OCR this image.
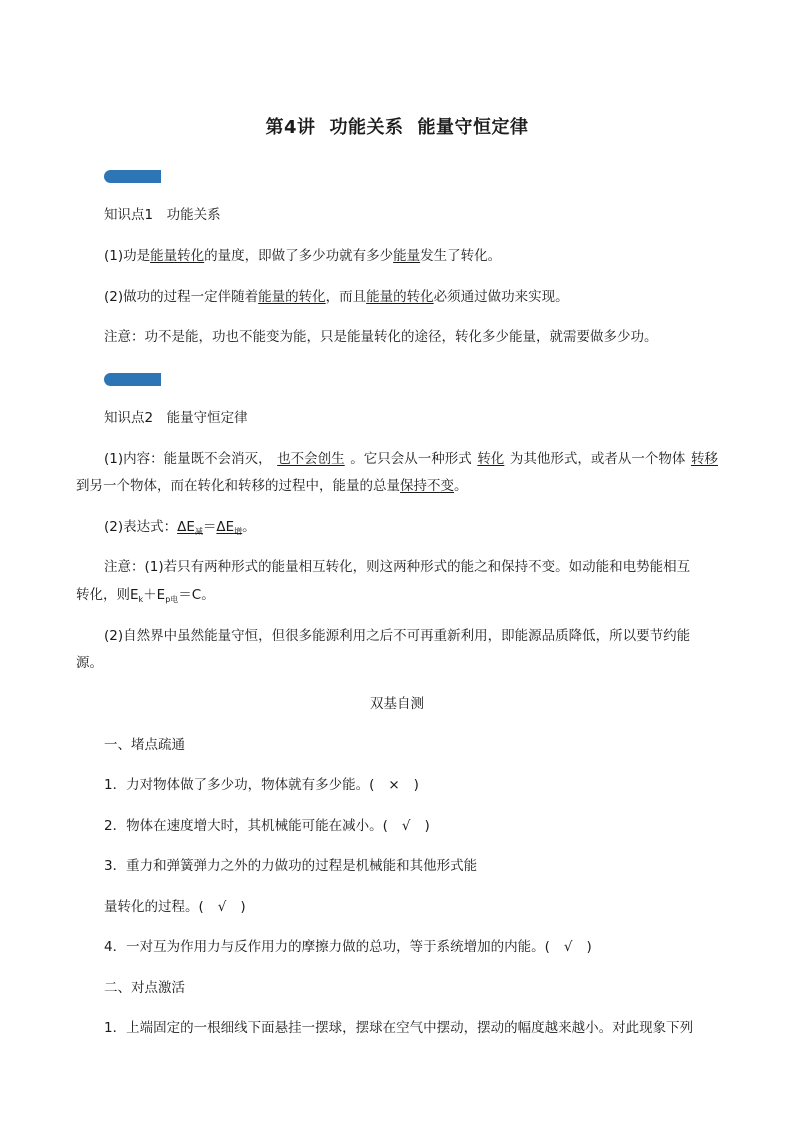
第4讲 功能关系 能量守恒定律
知识点1　功能关系
(1)功是能量转化的量度，即做了多少功就有多少能量发生了转化。
(2)做功的过程一定伴随着能量的转化，而且能量的转化必须通过做功来实现。
注意：功不是能，功也不能变为能，只是能量转化的途径，转化多少能量，就需要做多少功。
知识点2　能量守恒定律
(1)内容：能量既不会消灭， 也不会创生 。它只会从一种形式 转化 为其他形式，或者从一个物体 转移
到另一个物体，而在转化和转移的过程中，能量的总量保持不变。
(2)表达式：$\Delta E_减=\Delta E_增$。
注意：(1)若只有两种形式的能量相互转化，则这两种形式的能之和保持不变。如动能和电势能相互
转化，则$E_k+E_{p电}=C$。
(2)自然界中虽然能量守恒，但很多能源利用之后不可再重新利用，即能源品质降低，所以要节约能
源。
双基自测
一、堵点疏通
1．力对物体做了多少功，物体就有多少能。( × )
2．物体在速度增大时，其机械能可能在减小。( √ )
3．重力和弹簧弹力之外的力做功的过程是机械能和其他形式能
量转化的过程。( √ )
4．一对互为作用力与反作用力的摩擦力做的总功，等于系统增加的内能。( √ )
二、对点激活
1．上端固定的一根细线下面悬挂一摆球，摆球在空气中摆动，摆动的幅度越来越小。对此现象下列
